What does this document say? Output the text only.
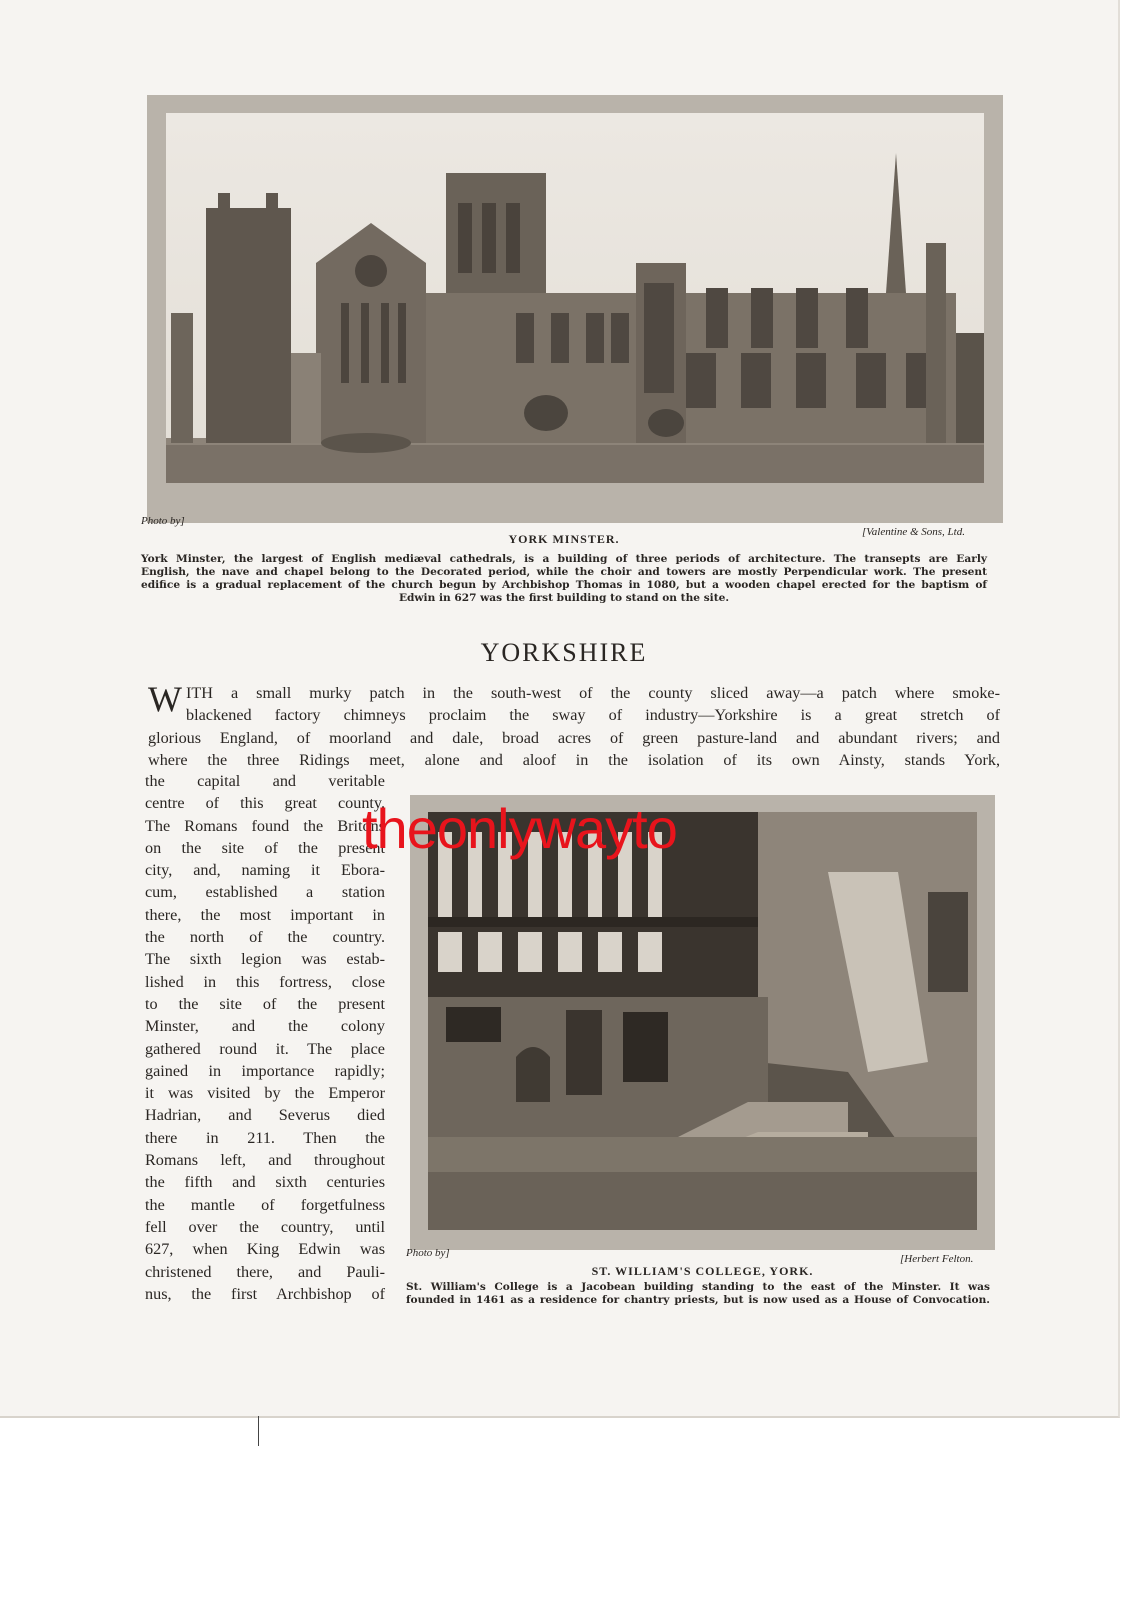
Photo by]
[Valentine & Sons, Ltd.
YORK MINSTER.
York Minster, the largest of English mediæval cathedrals, is a building of three periods of architecture. The transepts are Early
English, the nave and chapel belong to the Decorated period, while the choir and towers are mostly Perpendicular work. The present
edifice is a gradual replacement of the church begun by Archbishop Thomas in 1080, but a wooden chapel erected for the baptism of
Edwin in 627 was the first building to stand on the site.
YORKSHIRE
W ITH a small murky patch in the south-west of the county sliced away—a patch where smoke-
blackened factory chimneys proclaim the sway of industry—Yorkshire is a great stretch of
glorious England, of moorland and dale, broad acres of green pasture-land and abundant rivers; and
where the three Ridings meet, alone and aloof in the isolation of its own Ainsty, stands York,
the capital and veritable
centre of this great county.
The Romans found the Britons
on the site of the present
city, and, naming it Ebora-
cum, established a station
there, the most important in
the north of the country.
The sixth legion was estab-
lished in this fortress, close
to the site of the present
Minster, and the colony
gathered round it. The place
gained in importance rapidly;
it was visited by the Emperor
Hadrian, and Severus died
there in 211. Then the
Romans left, and throughout
the fifth and sixth centuries
the mantle of forgetfulness
fell over the country, until
627, when King Edwin was
christened there, and Pauli-
nus, the first Archbishop of
Photo by]	[Herbert Felton.
ST. WILLIAM'S COLLEGE, YORK.
St. William's College is a Jacobean building standing to the east of the Minster. It was
founded in 1461 as a residence for chantry priests, but is now used as a House of Convocation.
theonlywayto
